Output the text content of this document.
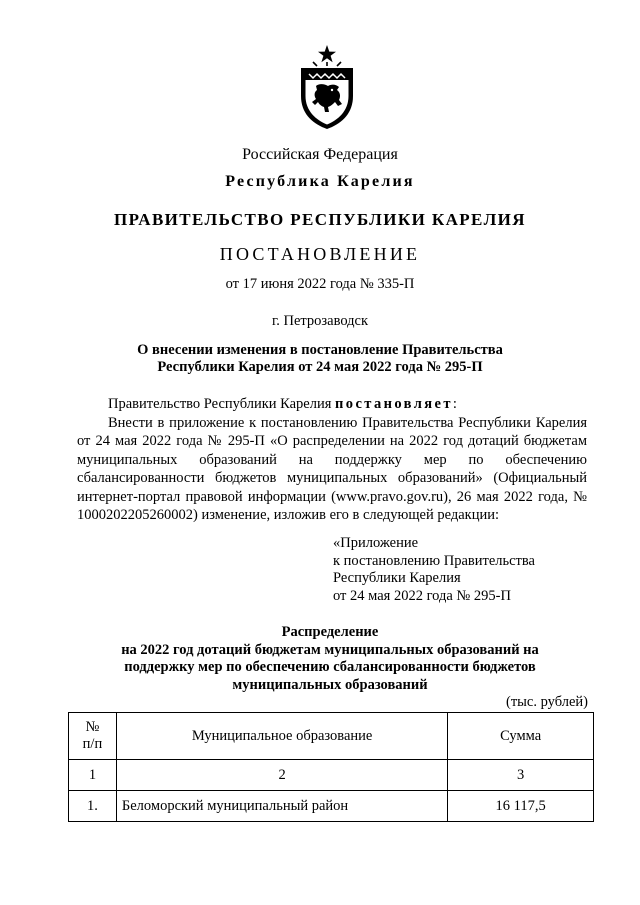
Российская Федерация
Республика Карелия
ПРАВИТЕЛЬСТВО РЕСПУБЛИКИ КАРЕЛИЯ
ПОСТАНОВЛЕНИЕ
от 17 июня 2022 года № 335-П
г. Петрозаводск
О внесении изменения в постановление Правительства
Республики Карелия от 24 мая 2022 года № 295-П
Правительство Республики Карелия постановляет:
Внести в приложение к постановлению Правительства Республики Карелия от 24 мая 2022 года № 295-П «О распределении на 2022 год дотаций бюджетам муниципальных образований на поддержку мер по обеспечению сбалансированности бюджетов муниципальных образований» (Официальный интернет-портал правовой информации (www.pravo.gov.ru), 26 мая 2022 года, № 1000202205260002) изменение, изложив его в следующей редакции:
«Приложение
к постановлению Правительства
Республики Карелия
от 24 мая 2022 года № 295-П
Распределение
на 2022 год дотаций бюджетам муниципальных образований на
поддержку мер по обеспечению сбалансированности бюджетов
муниципальных образований
(тыс. рублей)
№
п/п	Муниципальное образование	Сумма
1	2	3
1.	Беломорский муниципальный район	16 117,5
